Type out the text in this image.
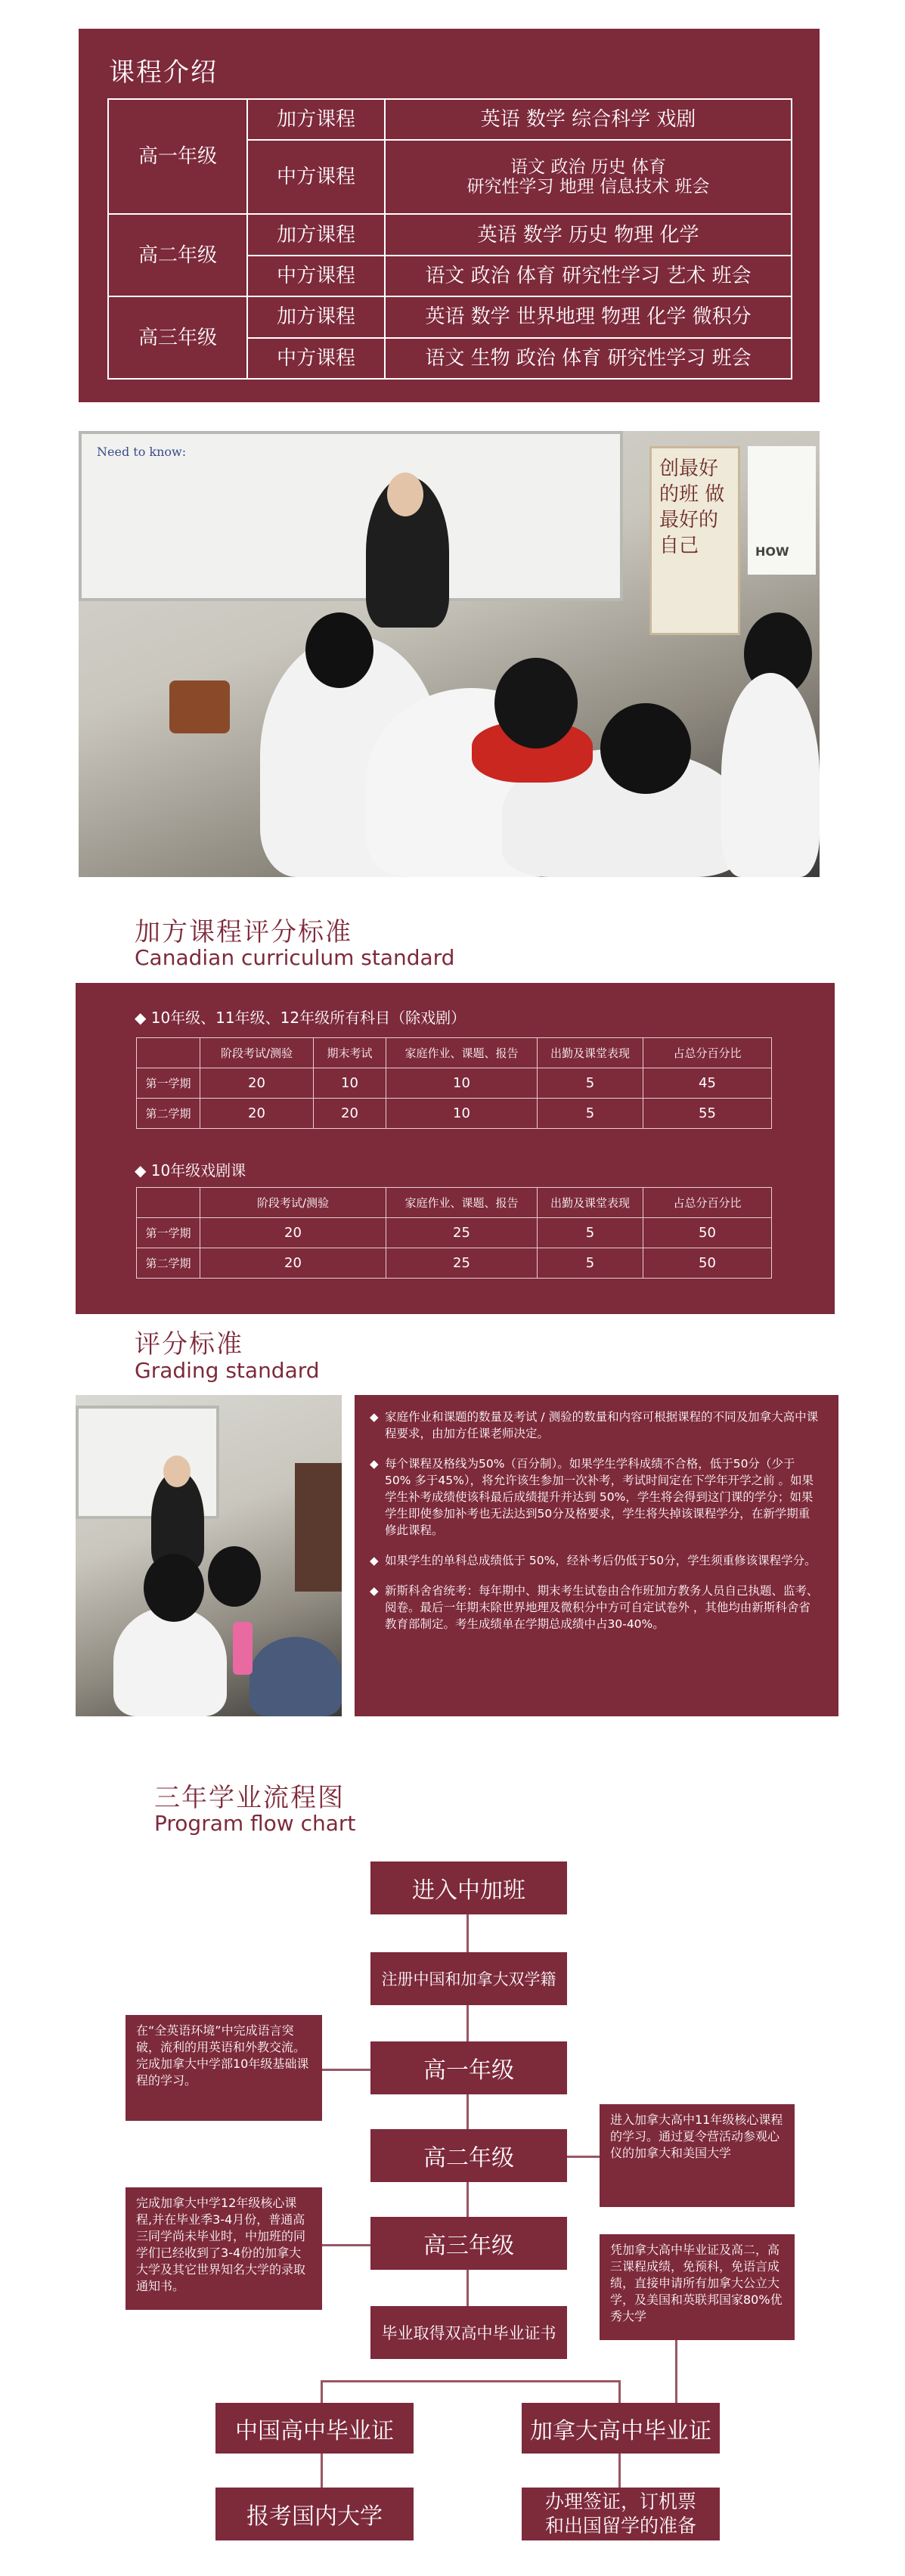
课程介绍
高一年级	加方课程	英语 数学 综合科学 戏剧
	中方课程	语文 政治 历史 体育
研究性学习 地理 信息技术 班会

高二年级	加方课程	英语 数学 历史 物理 化学
	中方课程	语文 政治 体育 研究性学习 艺术 班会
高三年级	加方课程	英语 数学 世界地理 物理 化学 微积分
	中方课程	语文 生物 政治 体育 研究性学习 班会
Need to know:
创最好的班 做最好的自己	HOW
加方课程评分标准
Canadian curriculum standard
◆ 10年级、11年级、12年级所有科目（除戏剧）
	阶段考试/测验	期末考试	家庭作业、课题、报告	出勤及课堂表现	占总分百分比
第一学期	20	10	10	5	45
第二学期	20	20	10	5	55
◆ 10年级戏剧课
	阶段考试/测验	家庭作业、课题、报告	出勤及课堂表现	占总分百分比
第一学期	20	25	5	50
第二学期	20	25	5	50
评分标准
Grading standard
◆ 家庭作业和课题的数量及考试 / 测验的数量和内容可根据课程的不同及加拿大高中课程要求，由加方任课老师决定。
◆ 每个课程及格线为50%（百分制）。如果学生学科成绩不合格，低于50分（少于50% 多于45%），将允许该生参加一次补考，考试时间定在下学年开学之前 。如果学生补考成绩使该科最后成绩提升并达到 50%，学生将会得到这门课的学分；如果学生即使参加补考也无法达到50分及格要求，学生将失掉该课程学分，在新学期重修此课程。
◆ 如果学生的单科总成绩低于 50%，经补考后仍低于50分，学生须重修该课程学分。
◆ 新斯科舍省统考：每年期中、期末考生试卷由合作班加方教务人员自己执题、监考、阅卷。最后一年期末除世界地理及微积分中方可自定试卷外 ，其他均由新斯科舍省教育部制定。考生成绩单在学期总成绩中占30-40%。
三年学业流程图
Program flow chart
进入中加班
注册中国和加拿大双学籍
高一年级
高二年级
高三年级
毕业取得双高中毕业证书
在“全英语环境”中完成语言突破，流利的用英语和外教交流。完成加拿大中学部10年级基础课程的学习。
进入加拿大高中11年级核心课程的学习。通过夏令营活动参观心仪的加拿大和美国大学
完成加拿大中学12年级核心课程,并在毕业季3-4月份，普通高三同学尚未毕业时，中加班的同学们已经收到了3-4份的加拿大大学及其它世界知名大学的录取通知书。
凭加拿大高中毕业证及高二，高三课程成绩，免预科，免语言成绩，直接申请所有加拿大公立大学，及美国和英联邦国家80%优秀大学
中国高中毕业证	加拿大高中毕业证
报考国内大学
办理签证，订机票
和出国留学的准备
